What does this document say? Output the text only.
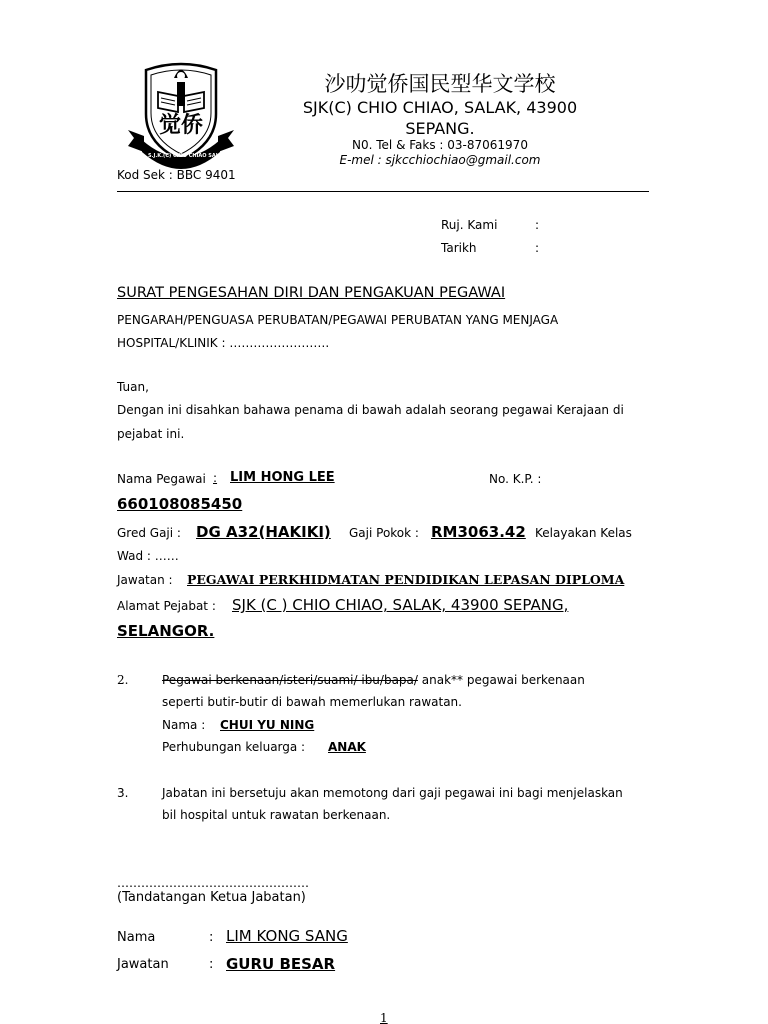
觉侨
S.J.K.(C) CHIO CHIAO SALAK
沙叻觉侨国民型华文学校
SJK(C) CHIO CHIAO, SALAK, 43900
SEPANG.
N0. Tel & Faks : 03-87061970
E-mel : sjkcchiochiao@gmail.com
Kod Sek : BBC 9401
Ruj. Kami	:
Tarikh	:
SURAT PENGESAHAN DIRI DAN PENGAKUAN PEGAWAI
PENGARAH/PENGUASA PERUBATAN/PEGAWAI PERUBATAN YANG MENJAGA
HOSPITAL/KLINIK : …………………….
Tuan,
Dengan ini disahkan bahawa penama di bawah adalah seorang pegawai Kerajaan di
pejabat ini.
Nama Pegawai : LIM HONG LEE	No. K.P. :
660108085450
Gred Gaji : DG A32(HAKIKI) Gaji Pokok : RM3063.42 Kelayakan Kelas
Wad : ……
Jawatan : PEGAWAI PERKHIDMATAN PENDIDIKAN LEPASAN DIPLOMA
Alamat Pejabat : SJK (C ) CHIO CHIAO, SALAK, 43900 SEPANG,
SELANGOR.
2.	Pegawai berkenaan/isteri/suami/ ibu/bapa/ anak** pegawai berkenaan
seperti butir-butir di bawah memerlukan rawatan.
Nama : CHUI YU NING
Perhubungan keluarga : ANAK
3.	Jabatan ini bersetuju akan memotong dari gaji pegawai ini bagi menjelaskan
bil hospital untuk rawatan berkenaan.
…………………………………………
(Tandatangan Ketua Jabatan)
Nama	: LIM KONG SANG
Jawatan	: GURU BESAR
1
